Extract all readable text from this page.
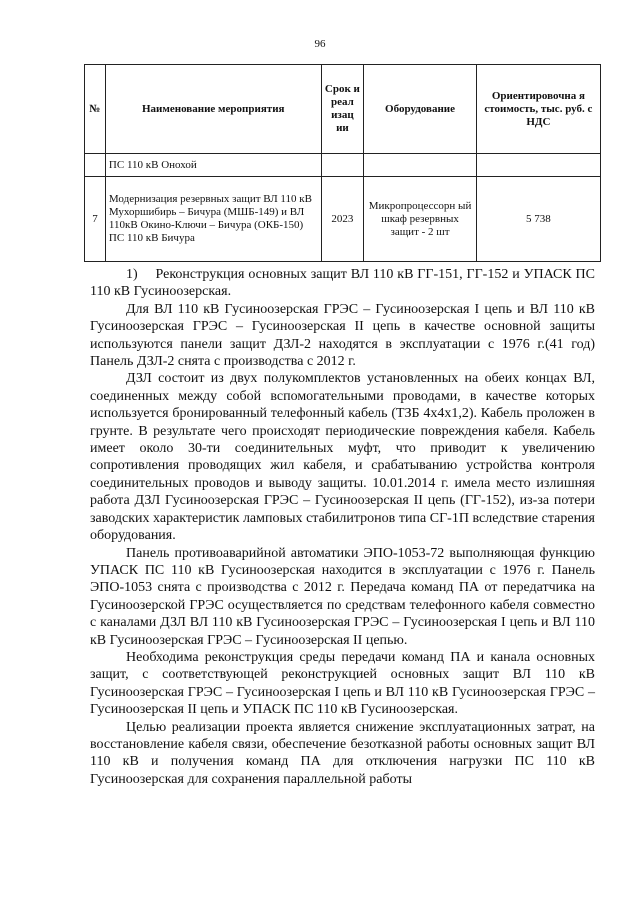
96
№	Наименование мероприятия	Срок и реал изац ии	Оборудование	Ориентировочна я стоимость, тыс. руб. с НДС
	ПС 110 кВ Онохой			
7	Модернизация резервных защит ВЛ 110 кВ Мухоршибирь – Бичура (МШБ-149) и ВЛ 110кВ Окино-Ключи – Бичура (ОКБ-150) ПС 110 кВ Бичура	2023	Микропроцессорн ый шкаф резервных защит - 2 шт	5 738

1)  Реконструкция основных защит ВЛ 110 кВ ГГ-151, ГГ-152 и УПАСК ПС 110 кВ Гусиноозерская.

Для ВЛ 110 кВ Гусиноозерская ГРЭС – Гусиноозерская I цепь и ВЛ 110 кВ Гусиноозерская ГРЭС – Гусиноозерская II цепь в качестве основной защиты используются панели защит ДЗЛ-2 находятся в эксплуатации с 1976 г.(41 год) Панель ДЗЛ-2 снята с производства с 2012 г.

ДЗЛ состоит из двух полукомплектов установленных на обеих концах ВЛ, соединенных между собой вспомогательными проводами, в качестве которых используется бронированный телефонный кабель (ТЗБ 4х4х1,2). Кабель проложен в грунте. В результате чего происходят периодические повреждения кабеля. Кабель имеет около 30-ти соединительных муфт, что приводит к увеличению сопротивления проводящих жил кабеля, и срабатыванию устройства контроля соединительных проводов и выводу защиты. 10.01.2014 г. имела место излишняя работа ДЗЛ Гусиноозерская ГРЭС – Гусиноозерская II цепь (ГГ-152), из-за потери заводских характеристик ламповых стабилитронов типа СГ-1П вследствие старения оборудования.

Панель противоаварийной автоматики ЭПО-1053-72 выполняющая функцию УПАСК ПС 110 кВ Гусиноозерская находится в эксплуатации с 1976 г. Панель ЭПО-1053 снята с производства с 2012 г. Передача команд ПА от передатчика на Гусиноозерской ГРЭС осуществляется по средствам телефонного кабеля совместно с каналами ДЗЛ ВЛ 110 кВ Гусиноозерская ГРЭС – Гусиноозерская I цепь и ВЛ 110 кВ Гусиноозерская ГРЭС – Гусиноозерская II цепью.

Необходима реконструкция среды передачи команд ПА и канала основных защит, с соответствующей реконструкцией основных защит ВЛ 110 кВ Гусиноозерская ГРЭС – Гусиноозерская I цепь и ВЛ 110 кВ Гусиноозерская ГРЭС – Гусиноозерская II цепь и УПАСК ПС 110 кВ Гусиноозерская.

Целью реализации проекта является снижение эксплуатационных затрат, на восстановление кабеля связи, обеспечение безотказной работы основных защит ВЛ 110 кВ и получения команд ПА для отключения нагрузки ПС 110 кВ Гусиноозерская для сохранения параллельной работы
